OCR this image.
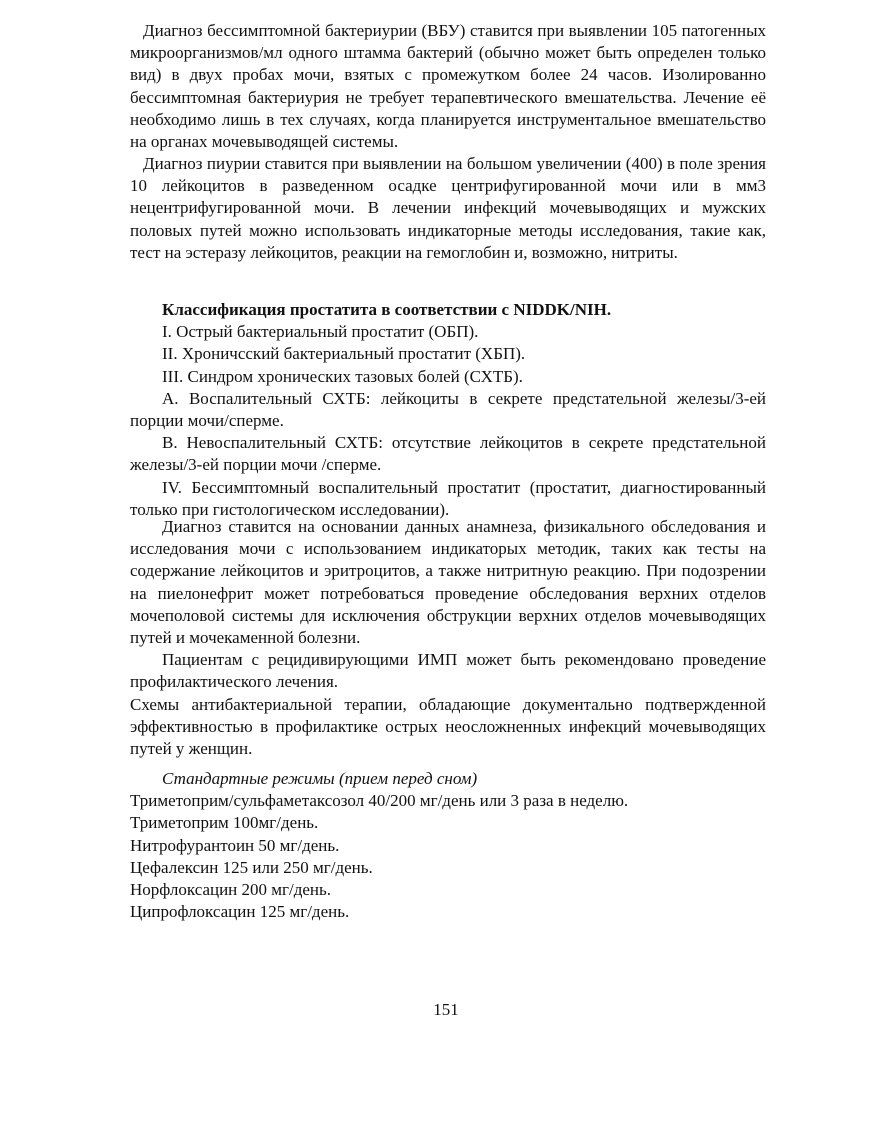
Диагноз бессимптомной бактериурии (ВБУ) ставится при выявлении 105 патогенных микроорганизмов/мл одного штамма бактерий (обычно может быть определен только вид) в двух пробах мочи, взятых с промежутком более 24 часов. Изолированно бессимптомная бактериурия не требует терапевтического вмешательства. Лечение её необходимо лишь в тех случаях, когда планируется инструментальное вмешательство на органах мочевыводящей системы.

Диагноз пиурии ставится при выявлении на большом увеличении (400) в поле зрения 10 лейкоцитов в разведенном осадке центрифугированной мочи или в мм3 нецентрифугированной мочи. В лечении инфекций мочевыводящих и мужских половых путей можно использовать индикаторные методы исследования, такие как, тест на эстеразу лейкоцитов, реакции на гемоглобин и, возможно, нитриты.

Классификация простатита в соответствии с NIDDK/NIH.

I. Острый бактериальный простатит (ОБП).

II. Хроничсский бактериальный простатит (ХБП).

III. Синдром хронических тазовых болей (СХТБ).

А. Воспалительный СХТБ: лейкоциты в секрете предстательной железы/3-ей порции мочи/сперме.

В. Невоспалительный СХТБ: отсутствие лейкоцитов в секрете предстательной железы/3-ей порции мочи /сперме.

IV. Бессимптомный воспалительный простатит (простатит, диагностированный только при гистологическом исследовании).

Диагноз ставится на основании данных анамнеза, физикального обследования и исследования мочи с использованием индикаторых методик, таких как тесты на содержание лейкоцитов и эритроцитов, а также нитритную реакцию. При подозрении на пиелонефрит может потребоваться проведение обследования верхних отделов мочеполовой системы для исключения обструкции верхних отделов мочевыводящих путей и мочекаменной болезни.

Пациентам с рецидивирующими ИМП может быть рекомендовано проведение профилактического лечения.

Схемы антибактериальной терапии, обладающие документально подтвержденной эффективностью в профилактике острых неосложненных инфекций мочевыводящих путей у женщин.

Стандартные режимы (прием перед сном)
Триметоприм/сульфаметаксозол 40/200 мг/день или 3 раза в неделю.
Триметоприм 100мг/день.
Нитрофурантоин 50 мг/день.
Цефалексин 125 или 250 мг/день.
Норфлоксацин 200 мг/день.
Ципрофлоксацин 125 мг/день.
151
